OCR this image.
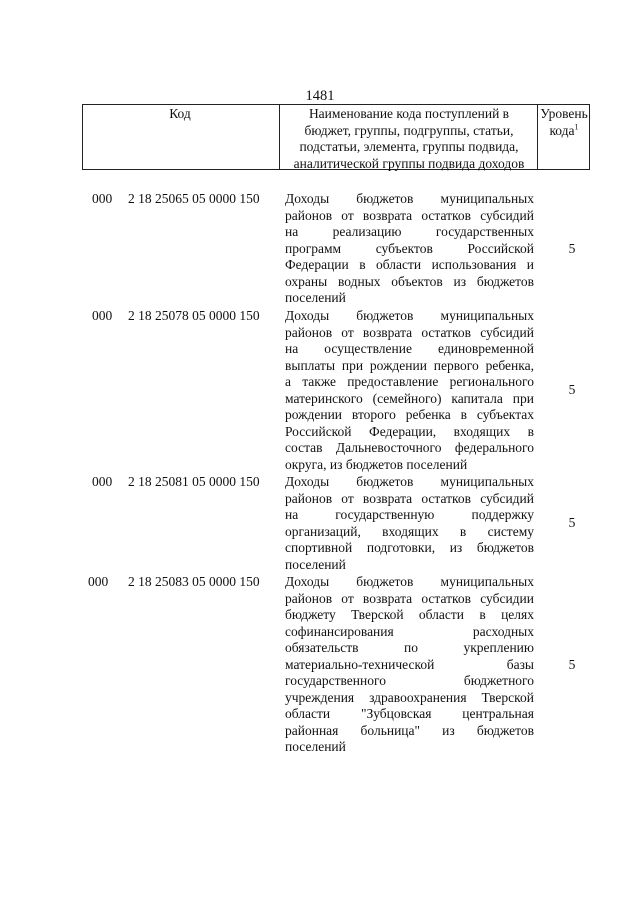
1481
Код	Наименование кода поступлений в
бюджет, группы, подгруппы, статьи,
подстатьи, элемента, группы подвида,
аналитической группы подвида доходов
Уровень
кода$^1$
000 2 18 25065 05 0000 150 Доходы бюджетов муниципальных
районов от возврата остатков субсидий
на реализацию государственных
программ субъектов Российской
Федерации в области использования и
охраны водных объектов из бюджетов
поселений
5
000 2 18 25078 05 0000 150 Доходы бюджетов муниципальных
районов от возврата остатков субсидий
на осуществление единовременной
выплаты при рождении первого ребенка,
а также предоставление регионального
материнского (семейного) капитала при
рождении второго ребенка в субъектах
Российской Федерации, входящих в
состав Дальневосточного федерального
округа, из бюджетов поселений
5
000 2 18 25081 05 0000 150 Доходы бюджетов муниципальных
районов от возврата остатков субсидий
на государственную поддержку
организаций, входящих в систему
спортивной подготовки, из бюджетов
поселений
5
000 2 18 25083 05 0000 150 Доходы бюджетов муниципальных
районов от возврата остатков субсидии
бюджету Тверской области в целях
софинансирования расходных
обязательств по укреплению
материально-технической базы
государственного бюджетного
учреждения здравоохранения Тверской
области "Зубцовская центральная
районная больница" из бюджетов
поселений
5
